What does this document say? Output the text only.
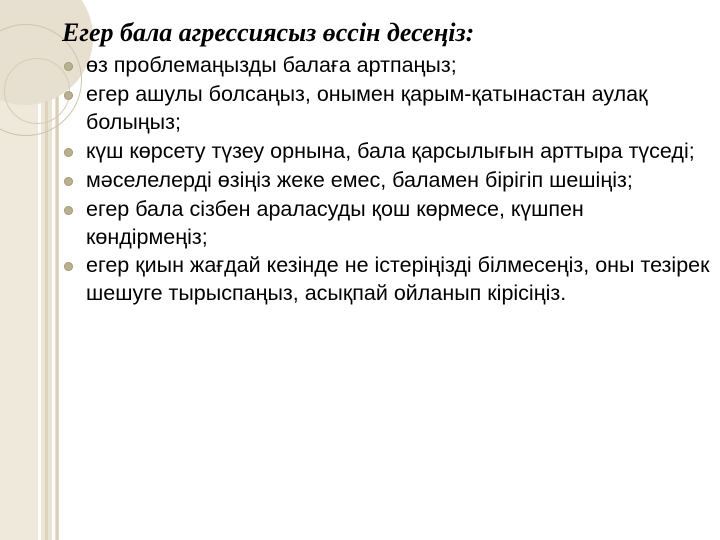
Егер бала агрессиясыз өссін десеңіз:
өз проблемаңызды балаға артпаңыз;
егер ашулы болсаңыз, онымен қарым-қатынастан аулақ болыңыз;
күш көрсету түзеу орнына, бала қарсылығын арттыра түседі;
мәселелерді өзіңіз жеке емес, баламен бірігіп шешіңіз;
егер бала сізбен араласуды қош көрмесе, күшпен көндірмеңіз;
егер қиын жағдай кезінде не істеріңізді білмесеңіз, оны тезірек шешуге тырыспаңыз, асықпай ойланып кірісіңіз.
